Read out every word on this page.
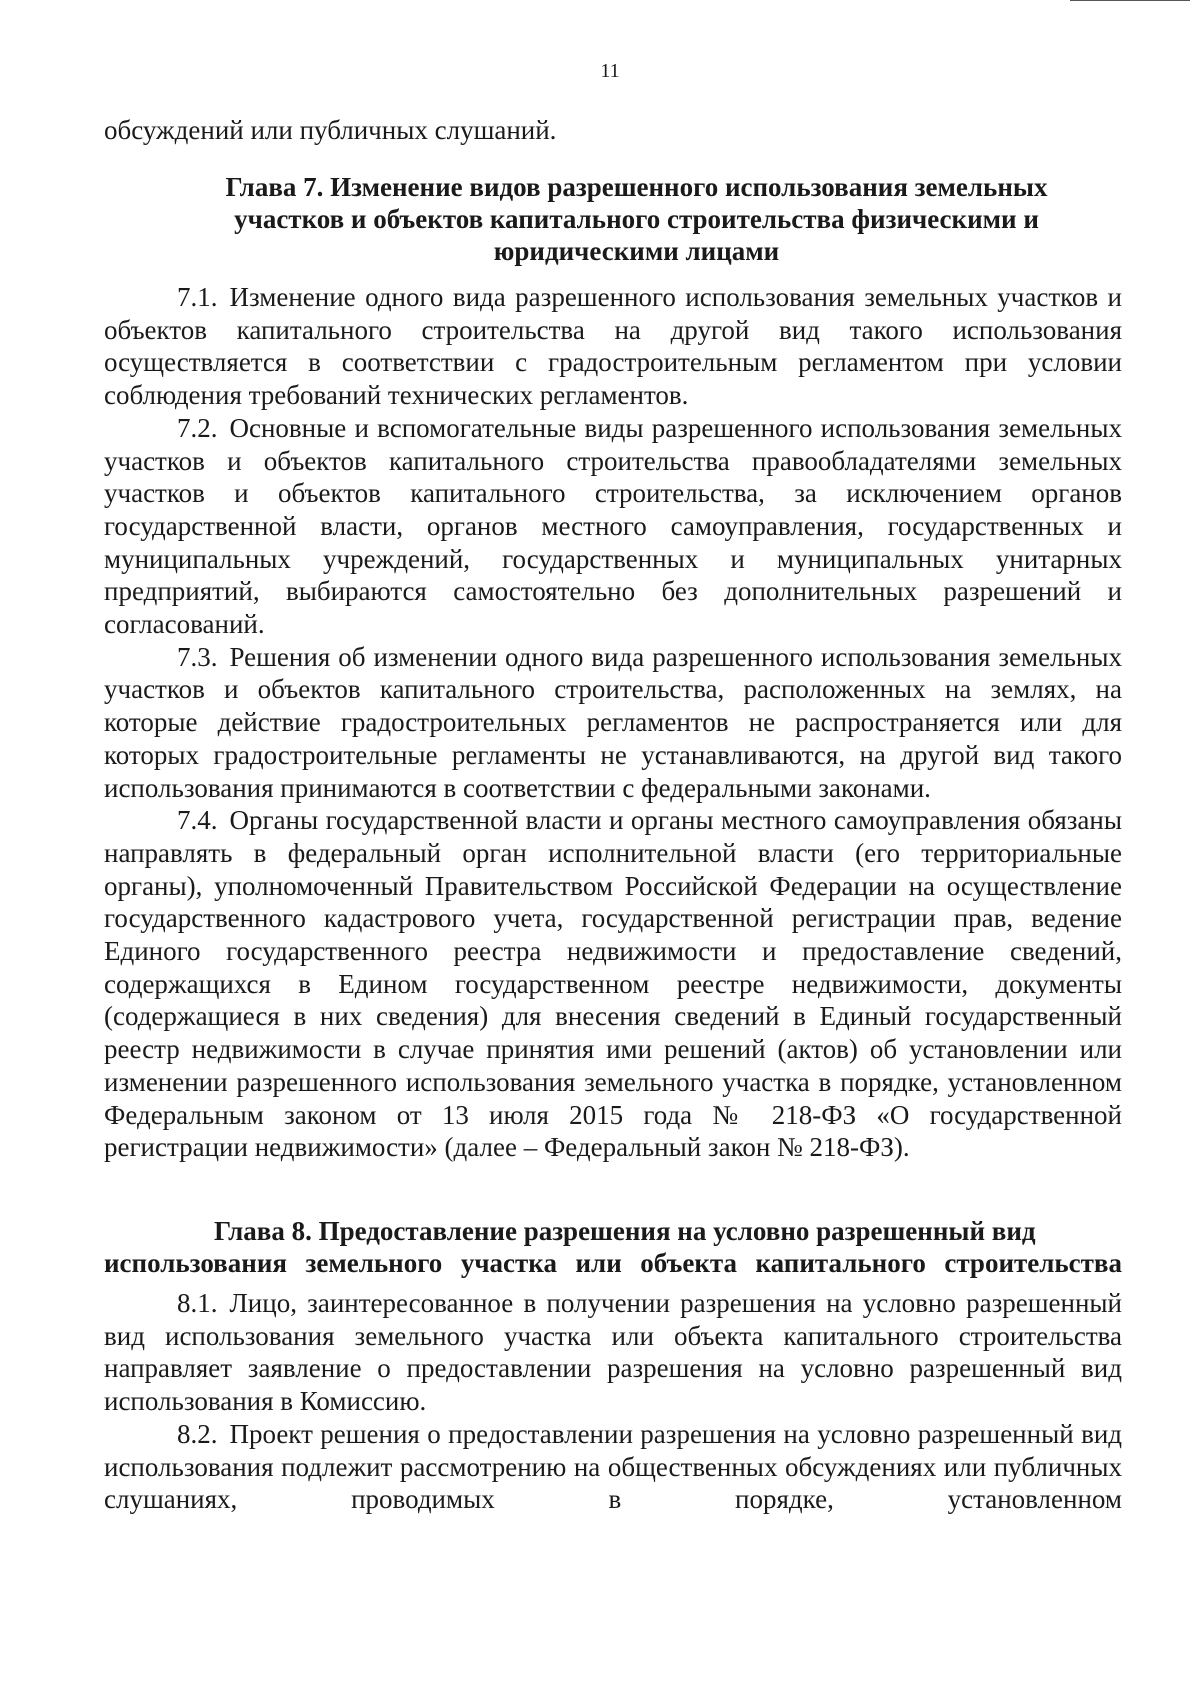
11
обсуждений или публичных слушаний.
Глава 7. Изменение видов разрешенного использования земельных
участков и объектов капитального строительства физическими и
юридическими лицами

7.1. Изменение одного вида разрешенного использования земельных участков и объектов капитального строительства на другой вид такого использования осуществляется в соответствии с градостроительным регламентом при условии соблюдения требований технических регламентов.

7.2. Основные и вспомогательные виды разрешенного использования земельных участков и объектов капитального строительства правообладателями земельных участков и объектов капитального строительства, за исключением органов государственной власти, органов местного самоуправления, государственных и муниципальных учреждений, государственных и муниципальных унитарных предприятий, выбираются самостоятельно без дополнительных разрешений и согласований.

7.3. Решения об изменении одного вида разрешенного использования земельных участков и объектов капитального строительства, расположенных на землях, на которые действие градостроительных регламентов не распространяется или для которых градостроительные регламенты не устанавливаются, на другой вид такого использования принимаются в соответствии с федеральными законами.

7.4. Органы государственной власти и органы местного самоуправления обязаны направлять в федеральный орган исполнительной власти (его территориальные органы), уполномоченный Правительством Российской Федерации на осуществление государственного кадастрового учета, государственной регистрации прав, ведение Единого государственного реестра недвижимости и предоставление сведений, содержащихся в Едином государственном реестре недвижимости, документы (содержащиеся в них сведения) для внесения сведений в Единый государственный реестр недвижимости в случае принятия ими решений (актов) об установлении или изменении разрешенного использования земельного участка в порядке, установленном Федеральным законом от 13 июля 2015 года № 218-ФЗ «О государственной регистрации недвижимости» (далее – Федеральный закон № 218-ФЗ).

Глава 8. Предоставление разрешения на условно разрешенный вид
использования земельного участка или объекта капитального строительства

8.1. Лицо, заинтересованное в получении разрешения на условно разрешенный вид использования земельного участка или объекта капитального строительства направляет заявление о предоставлении разрешения на условно разрешенный вид использования в Комиссию.

8.2. Проект решения о предоставлении разрешения на условно разрешенный вид использования подлежит рассмотрению на общественных обсуждениях или публичных слушаниях, проводимых в порядке, установленном
